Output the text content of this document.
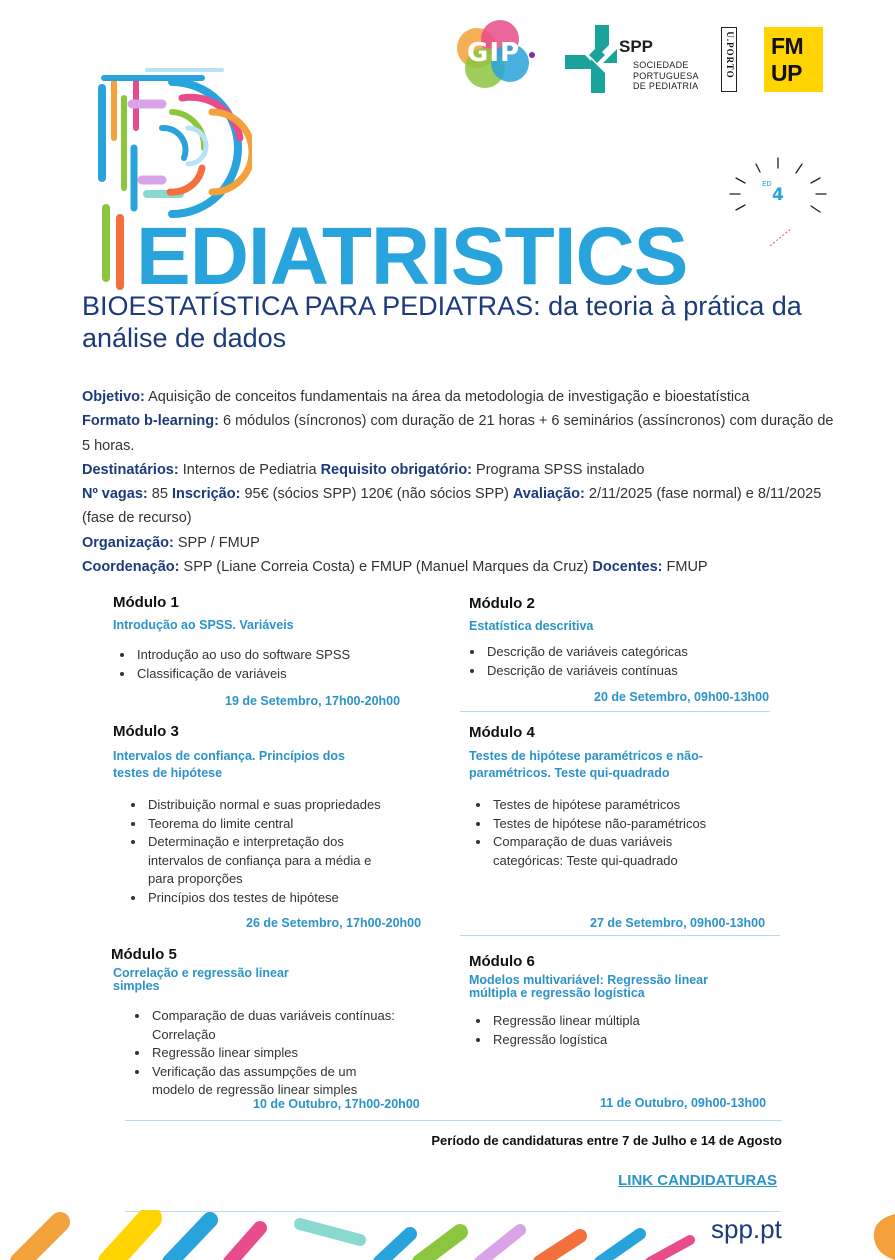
GIP	SPP
SOCIEDADE
PORTUGUESA
DE PEDIATRIA
U.PORTO FM
UP
EDIATRISTICS
ED
4
BIOESTATÍSTICA PARA PEDIATRAS: da teoria à prática da análise de dados
Objetivo: Aquisição de conceitos fundamentais na área da metodologia de investigação e bioestatística
Formato b-learning: 6 módulos (síncronos) com duração de 21 horas + 6 seminários (assíncronos) com duração de 5 horas.
Destinatários: Internos de Pediatria Requisito obrigatório: Programa SPSS instalado
Nº vagas: 85 Inscrição: 95€ (sócios SPP) 120€ (não sócios SPP) Avaliação: 2/11/2025 (fase normal) e 8/11/2025 (fase de recurso)
Organização: SPP / FMUP
Coordenação: SPP (Liane Correia Costa) e FMUP (Manuel Marques da Cruz) Docentes: FMUP
Módulo 1
Introdução ao SPSS. Variáveis
• Introdução ao uso do software SPSS
• Classificação de variáveis
19 de Setembro, 17h00-20h00
Módulo 2
Estatística descritiva
• Descrição de variáveis categóricas
• Descrição de variáveis contínuas
20 de Setembro, 09h00-13h00
Módulo 3
Intervalos de confiança. Princípios dos testes de hipótese
• Distribuição normal e suas propriedades
• Teorema do limite central
• Determinação e interpretação dos intervalos de confiança para a média e para proporções
• Princípios dos testes de hipótese
26 de Setembro, 17h00-20h00
Módulo 4
Testes de hipótese paramétricos e não-paramétricos. Teste qui-quadrado
• Testes de hipótese paramétricos
• Testes de hipótese não-paramétricos
• Comparação de duas variáveis categóricas: Teste qui-quadrado
27 de Setembro, 09h00-13h00
Módulo 5
Correlação e regressão linear simples
• Comparação de duas variáveis contínuas: Correlação
• Regressão linear simples
• Verificação das assumpções de um modelo de regressão linear simples
10 de Outubro, 17h00-20h00
Módulo 6
Modelos multivariável: Regressão linear múltipla e regressão logística
• Regressão linear múltipla
• Regressão logística
11 de Outubro, 09h00-13h00
Período de candidaturas entre 7 de Julho e 14 de Agosto
LINK CANDIDATURAS
spp.pt
